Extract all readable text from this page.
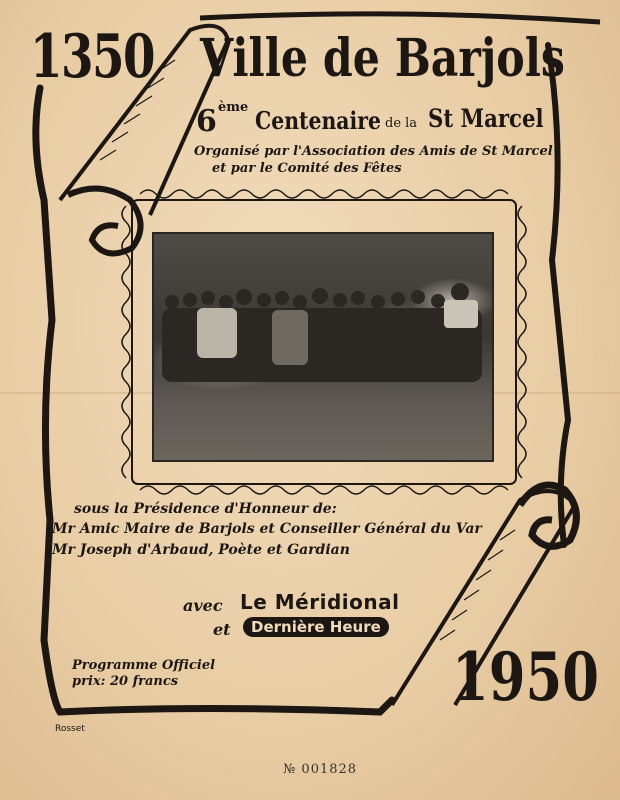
1350 Ville de Barjols
6 ème Centenaire de la St Marcel
Organisé par l'Association des Amis de St Marcel
et par le Comité des Fêtes
sous la Présidence d'Honneur de:
Mr Amic Maire de Barjols et Conseiller Général du Var
Mr Joseph d'Arbaud, Poète et Gardian
avec Le Méridional
et	Dernière Heure
Programme Officiel
prix: 20 francs	1950
Rosset
№ 001828
